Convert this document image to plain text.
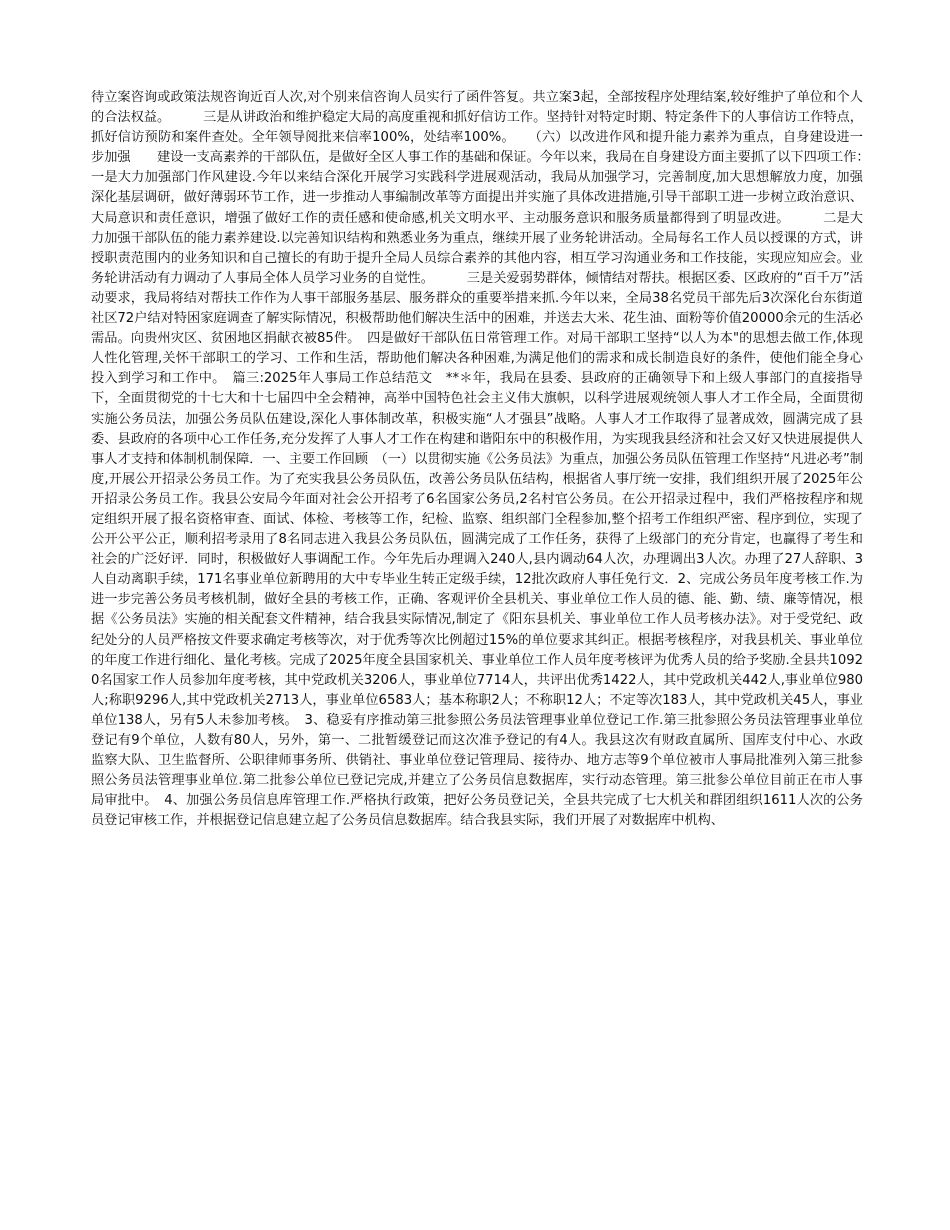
待立案咨询或政策法规咨询近百人次,对个别来信咨询人员实行了函件答复。共立案3起，全部按程序处理结案,较好维护了单位和个人的合法权益。　　　三是从讲政治和维护稳定大局的高度重视和抓好信访工作。坚持针对特定时期、特定条件下的人事信访工作特点，抓好信访预防和案件查处。全年领导阅批来信率100%，处结率100%。　　（六）以改进作风和提升能力素养为重点，自身建设进一步加强　　建设一支高素养的干部队伍，是做好全区人事工作的基础和保证。今年以来，我局在自身建设方面主要抓了以下四项工作：　　　一是大力加强部门作风建设.今年以来结合深化开展学习实践科学进展观活动，我局从加强学习，完善制度,加大思想解放力度，加强深化基层调研，做好薄弱环节工作，进一步推动人事编制改革等方面提出并实施了具体改进措施,引导干部职工进一步树立政治意识、大局意识和责任意识，增强了做好工作的责任感和使命感,机关文明水平、主动服务意识和服务质量都得到了明显改进。　　　二是大力加强干部队伍的能力素养建设.以完善知识结构和熟悉业务为重点，继续开展了业务轮讲活动。全局每名工作人员以授课的方式，讲授职责范围内的业务知识和自己擅长的有助于提升全局人员综合素养的其他内容，相互学习沟通业务和工作技能，实现应知应会。业务轮讲活动有力调动了人事局全体人员学习业务的自觉性。　　　三是关爱弱势群体，倾情结对帮扶。根据区委、区政府的“百千万”活动要求，我局将结对帮扶工作作为人事干部服务基层、服务群众的重要举措来抓.今年以来，全局38名党员干部先后3次深化台东街道社区72户结对特困家庭调查了解实际情况，积极帮助他们解决生活中的困难，并送去大米、花生油、面粉等价值20000余元的生活必需品。向贵州灾区、贫困地区捐献衣被85件。　四是做好干部队伍日常管理工作。对局干部职工坚持“以人为本"的思想去做工作,体现人性化管理,关怀干部职工的学习、工作和生活，帮助他们解决各种困难,为满足他们的需求和成长制造良好的条件，使他们能全身心投入到学习和工作中。　篇三:2025年人事局工作总结范文　**＊年，我局在县委、县政府的正确领导下和上级人事部门的直接指导下，全面贯彻党的十七大和十七届四中全会精神，高举中国特色社会主义伟大旗帜，以科学进展观统领人事人才工作全局，全面贯彻实施公务员法，加强公务员队伍建设,深化人事体制改革，积极实施“人才强县”战略。人事人才工作取得了显著成效，圆满完成了县委、县政府的各项中心工作任务,充分发挥了人事人才工作在构建和谐阳东中的积极作用，为实现我县经济和社会又好又快进展提供人事人才支持和体制机制保障．一、主要工作回顾　（一）以贯彻实施《公务员法》为重点，加强公务员队伍管理工作坚持“凡进必考”制度,开展公开招录公务员工作。为了充实我县公务员队伍，改善公务员队伍结构，根据省人事厅统一安排，我们组织开展了2025年公开招录公务员工作。我县公安局今年面对社会公开招考了6名国家公务员,2名村官公务员。在公开招录过程中，我们严格按程序和规定组织开展了报名资格审查、面试、体检、考核等工作，纪检、监察、组织部门全程参加,整个招考工作组织严密、程序到位，实现了公开公平公正，顺利招考录用了8名同志进入我县公务员队伍，圆满完成了工作任务，获得了上级部门的充分肯定，也赢得了考生和社会的广泛好评．同时，积极做好人事调配工作。今年先后办理调入240人,县内调动64人次，办理调出3人次。办理了27人辞职、3人自动离职手续，171名事业单位新聘用的大中专毕业生转正定级手续，12批次政府人事任免行文．2、完成公务员年度考核工作.为进一步完善公务员考核机制，做好全县的考核工作，正确、客观评价全县机关、事业单位工作人员的德、能、勤、绩、廉等情况，根据《公务员法》实施的相关配套文件精神，结合我县实际情况,制定了《阳东县机关、事业单位工作人员考核办法》。对于受党纪、政纪处分的人员严格按文件要求确定考核等次，对于优秀等次比例超过15%的单位要求其纠正。根据考核程序，对我县机关、事业单位的年度工作进行细化、量化考核。完成了2025年度全县国家机关、事业单位工作人员年度考核评为优秀人员的给予奖励.全县共10920名国家工作人员参加年度考核，其中党政机关3206人，事业单位7714人，共评出优秀1422人，其中党政机关442人,事业单位980人;称职9296人,其中党政机关2713人，事业单位6583人；基本称职2人；不称职12人；不定等次183人，其中党政机关45人，事业单位138人，另有5人未参加考核。　3、稳妥有序推动第三批参照公务员法管理事业单位登记工作.第三批参照公务员法管理事业单位登记有9个单位，人数有80人，另外，第一、二批暂缓登记而这次准予登记的有4人。我县这次有财政直属所、国库支付中心、水政监察大队、卫生监督所、公职律师事务所、供销社、事业单位登记管理局、接待办、地方志等9个单位被市人事局批准列入第三批参照公务员法管理事业单位.第二批参公单位已登记完成,并建立了公务员信息数据库，实行动态管理。第三批参公单位目前正在市人事局审批中。　4、加强公务员信息库管理工作.严格执行政策，把好公务员登记关，全县共完成了七大机关和群团组织1611人次的公务员登记审核工作，并根据登记信息建立起了公务员信息数据库。结合我县实际，我们开展了对数据库中机构、
